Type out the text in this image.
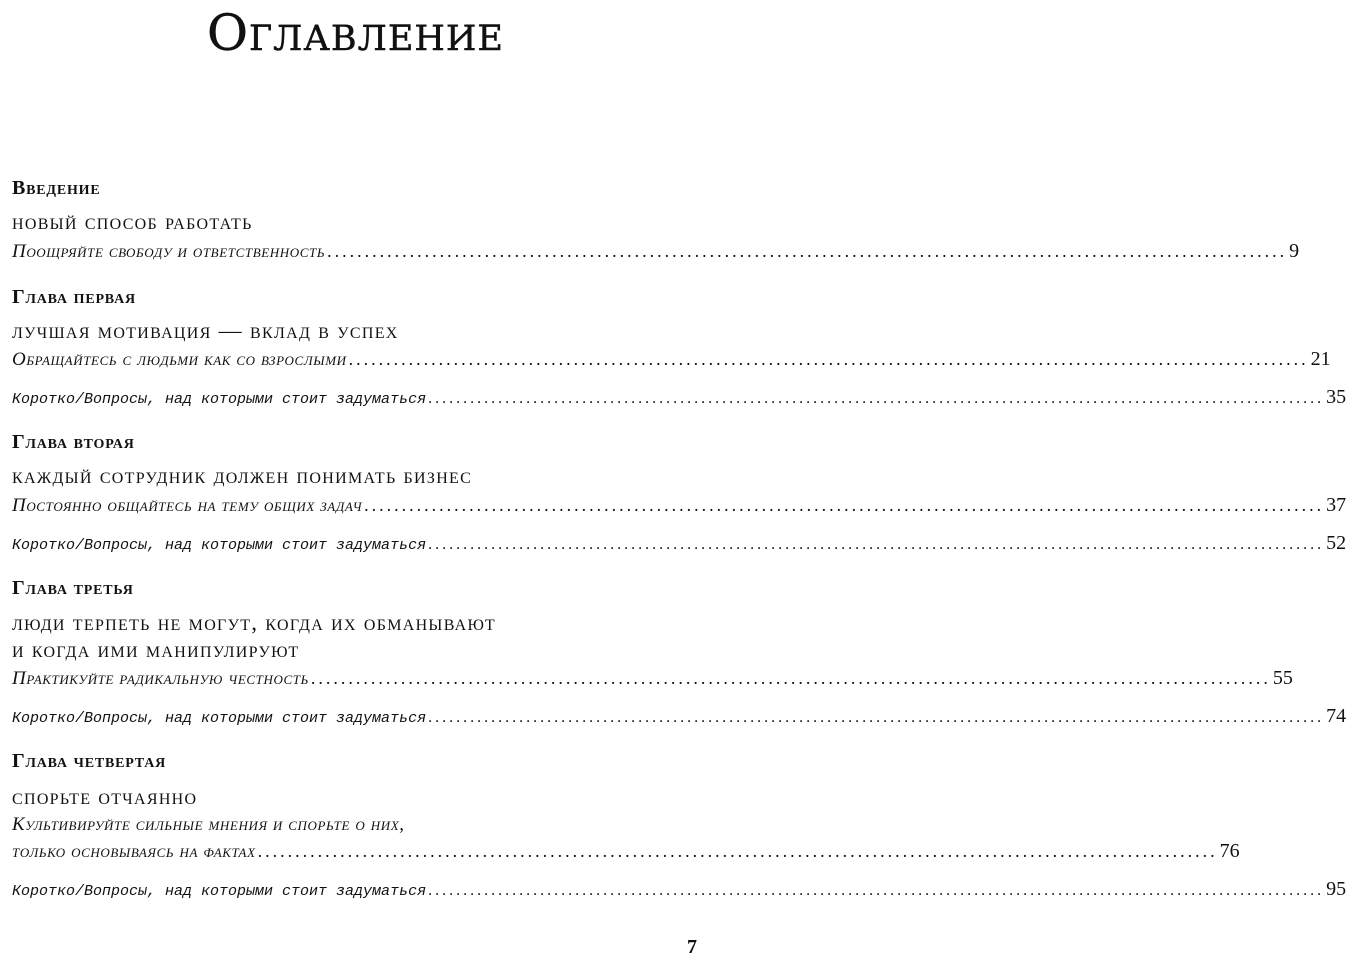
Оглавление
Введение
новый способ работать
Поощряйте свободу и ответственность ................................................................................................................................ 9
Глава первая
лучшая мотивация — вклад в успех
Обращайтесь с людьми как со взрослыми ................................................................................................................................ 21
Коротко/Вопросы, над которыми стоит задуматься ................................................................................................................................ 35
Глава вторая
каждый сотрудник должен понимать бизнес
Постоянно общайтесь на тему общих задач ................................................................................................................................ 37
Коротко/Вопросы, над которыми стоит задуматься ................................................................................................................................ 52
Глава третья
люди терпеть не могут, когда их обманывают
и когда ими манипулируют
Практикуйте радикальную честность ................................................................................................................................ 55
Коротко/Вопросы, над которыми стоит задуматься ................................................................................................................................ 74
Глава четвертая
спорьте отчаянно
Культивируйте сильные мнения и спорьте о них,
только основываясь на фактах ................................................................................................................................ 76
Коротко/Вопросы, над которыми стоит задуматься ................................................................................................................................ 95
7
